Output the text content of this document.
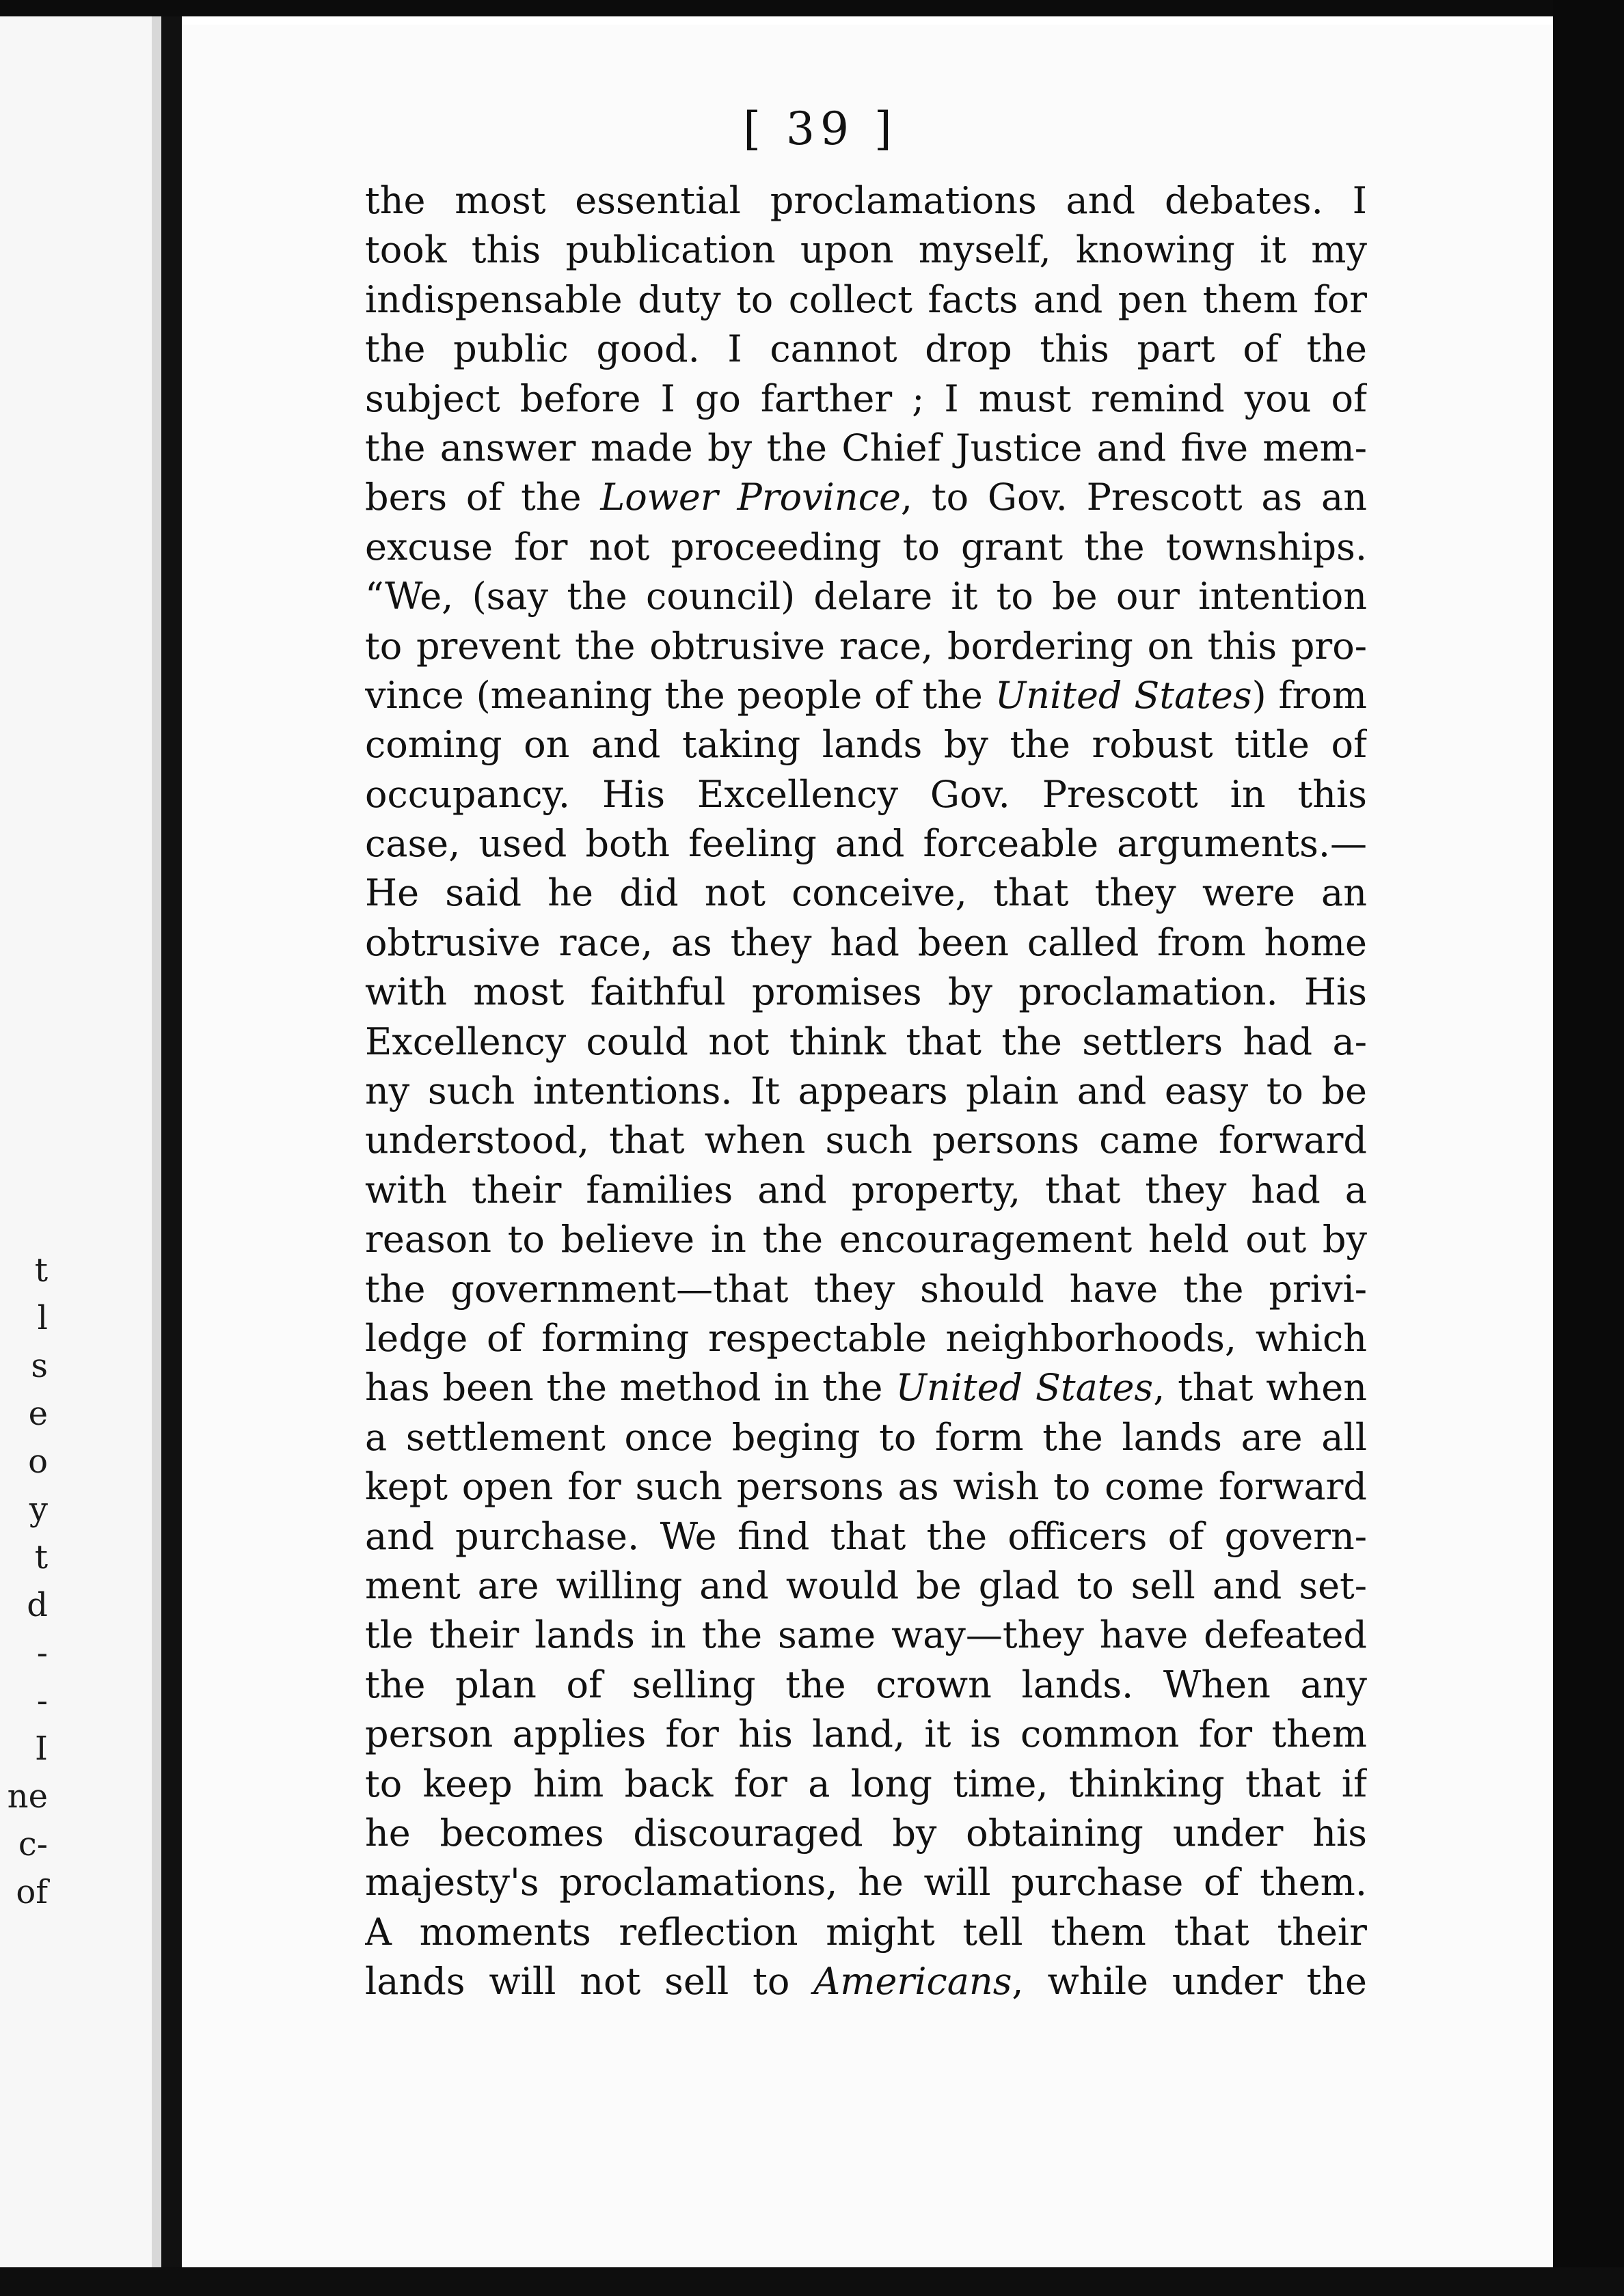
t
l
s
e
o
y
t
d
-
-
I
ne
c-
of
[ 39 ]
the most essential proclamations and debates. I
took this publication upon myself, knowing it my
indispensable duty to collect facts and pen them for
the public good. I cannot drop this part of the
subject before I go farther ; I must remind you of
the answer made by the Chief Justice and five mem-
bers of the Lower Province, to Gov. Prescott as an
excuse for not proceeding to grant the townships.
“We, (say the council) delare it to be our intention
to prevent the obtrusive race, bordering on this pro-
vince (meaning the people of the United States) from
coming on and taking lands by the robust title of
occupancy. His Excellency Gov. Prescott in this
case, used both feeling and forceable arguments.—
He said he did not conceive, that they were an
obtrusive race, as they had been called from home
with most faithful promises by proclamation. His
Excellency could not think that the settlers had a-
ny such intentions. It appears plain and easy to be
understood, that when such persons came forward
with their families and property, that they had a
reason to believe in the encouragement held out by
the government—that they should have the privi-
ledge of forming respectable neighborhoods, which
has been the method in the United States, that when
a settlement once beging to form the lands are all
kept open for such persons as wish to come forward
and purchase. We find that the officers of govern-
ment are willing and would be glad to sell and set-
tle their lands in the same way—they have defeated
the plan of selling the crown lands. When any
person applies for his land, it is common for them
to keep him back for a long time, thinking that if
he becomes discouraged by obtaining under his
majesty's proclamations, he will purchase of them.
A moments reflection might tell them that their
lands will not sell to Americans, while under the
